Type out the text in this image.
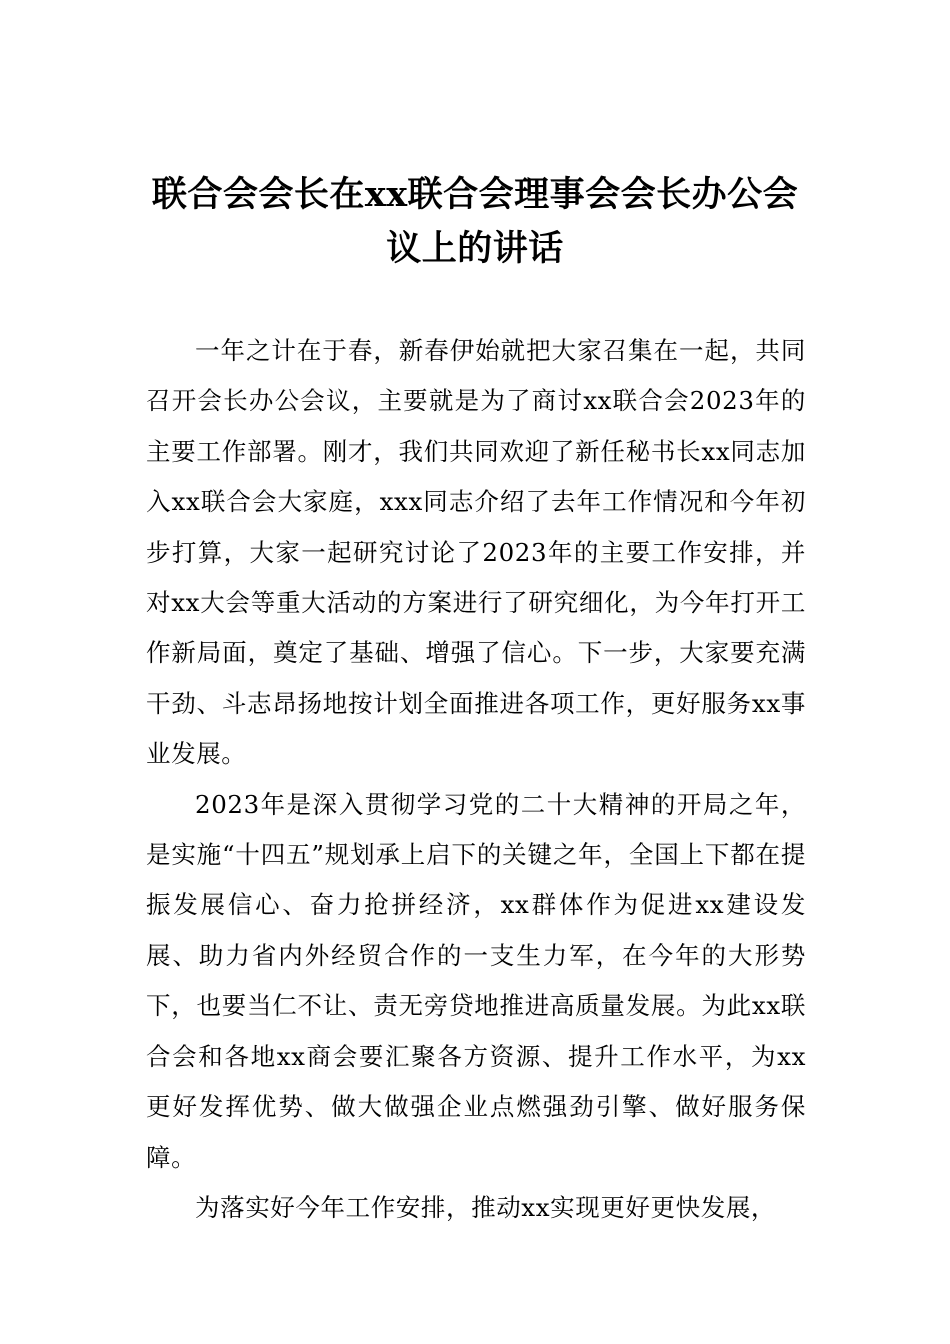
联合会会长在xx联合会理事会会长办公会
议上的讲话

一年之计在于春，新春伊始就把大家召集在一起，共同召开会长办公会议，主要就是为了商讨xx联合会2023年的主要工作部署。刚才，我们共同欢迎了新任秘书长xx同志加入xx联合会大家庭，xxx同志介绍了去年工作情况和今年初步打算，大家一起研究讨论了2023年的主要工作安排，并对xx大会等重大活动的方案进行了研究细化，为今年打开工作新局面，奠定了基础、增强了信心。下一步，大家要充满干劲、斗志昂扬地按计划全面推进各项工作，更好服务xx事业发展。

2023年是深入贯彻学习党的二十大精神的开局之年，是实施“十四五”规划承上启下的关键之年，全国上下都在提振发展信心、奋力抢拼经济，xx群体作为促进xx建设发展、助力省内外经贸合作的一支生力军，在今年的大形势下，也要当仁不让、责无旁贷地推进高质量发展。为此xx联合会和各地xx商会要汇聚各方资源、提升工作水平，为xx更好发挥优势、做大做强企业点燃强劲引擎、做好服务保障。

为落实好今年工作安排，推动xx实现更好更快发展，
